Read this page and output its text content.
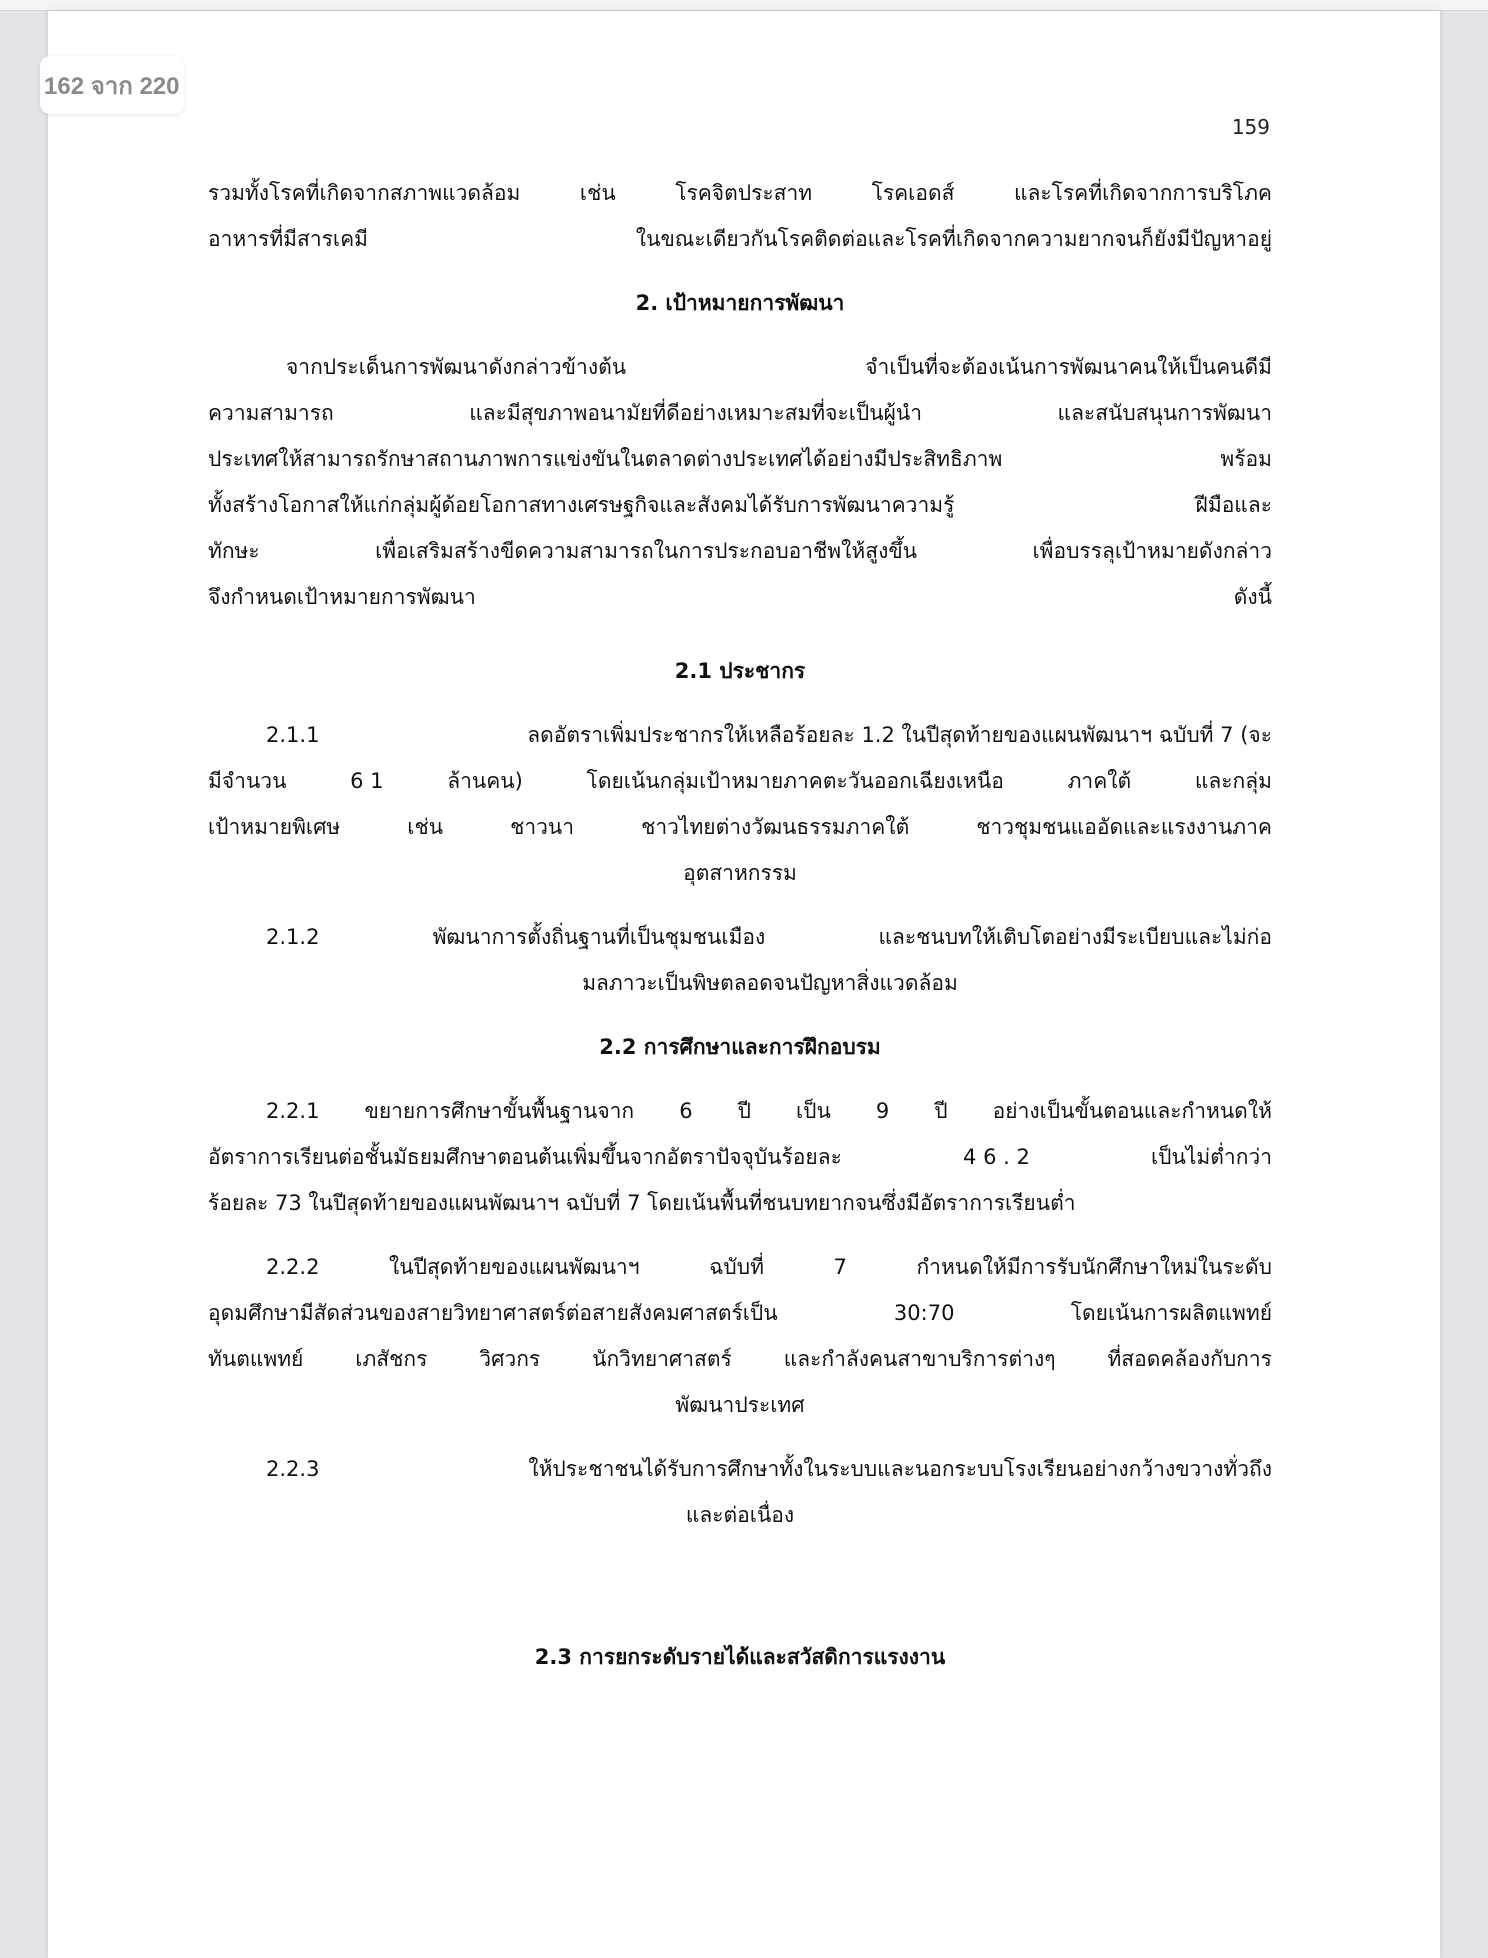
162 จาก 220
159
รวมทั้งโรคที่เกิดจากสภาพแวดล้อม	เช่น	โรคจิตประสาท	โรคเอดส์	และโรคที่เกิดจากการบริโภค
อาหารที่มีสารเคมี	ในขณะเดียวกันโรคติดต่อและโรคที่เกิดจากความยากจนก็ยังมีปัญหาอยู่
2. เป้าหมายการพัฒนา
จากประเด็นการพัฒนาดังกล่าวข้างต้น	จำเป็นที่จะต้องเน้นการพัฒนาคนให้เป็นคนดีมี
ความสามารถ	และมีสุขภาพอนามัยที่ดีอย่างเหมาะสมที่จะเป็นผู้นำ	และสนับสนุนการพัฒนา
ประเทศให้สามารถรักษาสถานภาพการแข่งขันในตลาดต่างประเทศได้อย่างมีประสิทธิภาพ	พร้อม
ทั้งสร้างโอกาสให้แก่กลุ่มผู้ด้อยโอกาสทางเศรษฐกิจและสังคมได้รับการพัฒนาความรู้	ฝีมือและ
ทักษะ	เพื่อเสริมสร้างขีดความสามารถในการประกอบอาชีพให้สูงขึ้น	เพื่อบรรลุเป้าหมายดังกล่าว
จึงกำหนดเป้าหมายการพัฒนา	ดังนี้
2.1 ประชากร
2.1.1	ลดอัตราเพิ่มประชากรให้เหลือร้อยละ 1.2 ในปีสุดท้ายของแผนพัฒนาฯ ฉบับที่ 7 (จะ
มีจำนวน	6 1	ล้านคน)	โดยเน้นกลุ่มเป้าหมายภาคตะวันออกเฉียงเหนือ	ภาคใต้	และกลุ่ม
เป้าหมายพิเศษ	เช่น	ชาวนา	ชาวไทยต่างวัฒนธรรมภาคใต้	ชาวชุมชนแออัดและแรงงานภาค
อุตสาหกรรม
2.1.2	พัฒนาการตั้งถิ่นฐานที่เป็นชุมชนเมือง	และชนบทให้เติบโตอย่างมีระเบียบและไม่ก่อ
มลภาวะเป็นพิษตลอดจนปัญหาสิ่งแวดล้อม
2.2 การศึกษาและการฝึกอบรม
2.2.1 ขยายการศึกษาขั้นพื้นฐานจาก 6 ปี เป็น 9 ปี อย่างเป็นขั้นตอนและกำหนดให้
อัตราการเรียนต่อชั้นมัธยมศึกษาตอนต้นเพิ่มขึ้นจากอัตราปัจจุบันร้อยละ	4 6 . 2	เป็นไม่ต่ำกว่า
ร้อยละ 73 ในปีสุดท้ายของแผนพัฒนาฯ ฉบับที่ 7 โดยเน้นพื้นที่ชนบทยากจนซึ่งมีอัตราการเรียนต่ำ
2.2.2	ในปีสุดท้ายของแผนพัฒนาฯ	ฉบับที่	7	กำหนดให้มีการรับนักศึกษาใหม่ในระดับ
อุดมศึกษามีสัดส่วนของสายวิทยาศาสตร์ต่อสายสังคมศาสตร์เป็น	30:70	โดยเน้นการผลิตแพทย์
ทันตแพทย์ เภสัชกร วิศวกร นักวิทยาศาสตร์ และกำลังคนสาขาบริการต่างๆ ที่สอดคล้องกับการ
พัฒนาประเทศ
2.2.3	ให้ประชาชนได้รับการศึกษาทั้งในระบบและนอกระบบโรงเรียนอย่างกว้างขวางทั่วถึง
และต่อเนื่อง
2.3 การยกระดับรายได้และสวัสดิการแรงงาน
